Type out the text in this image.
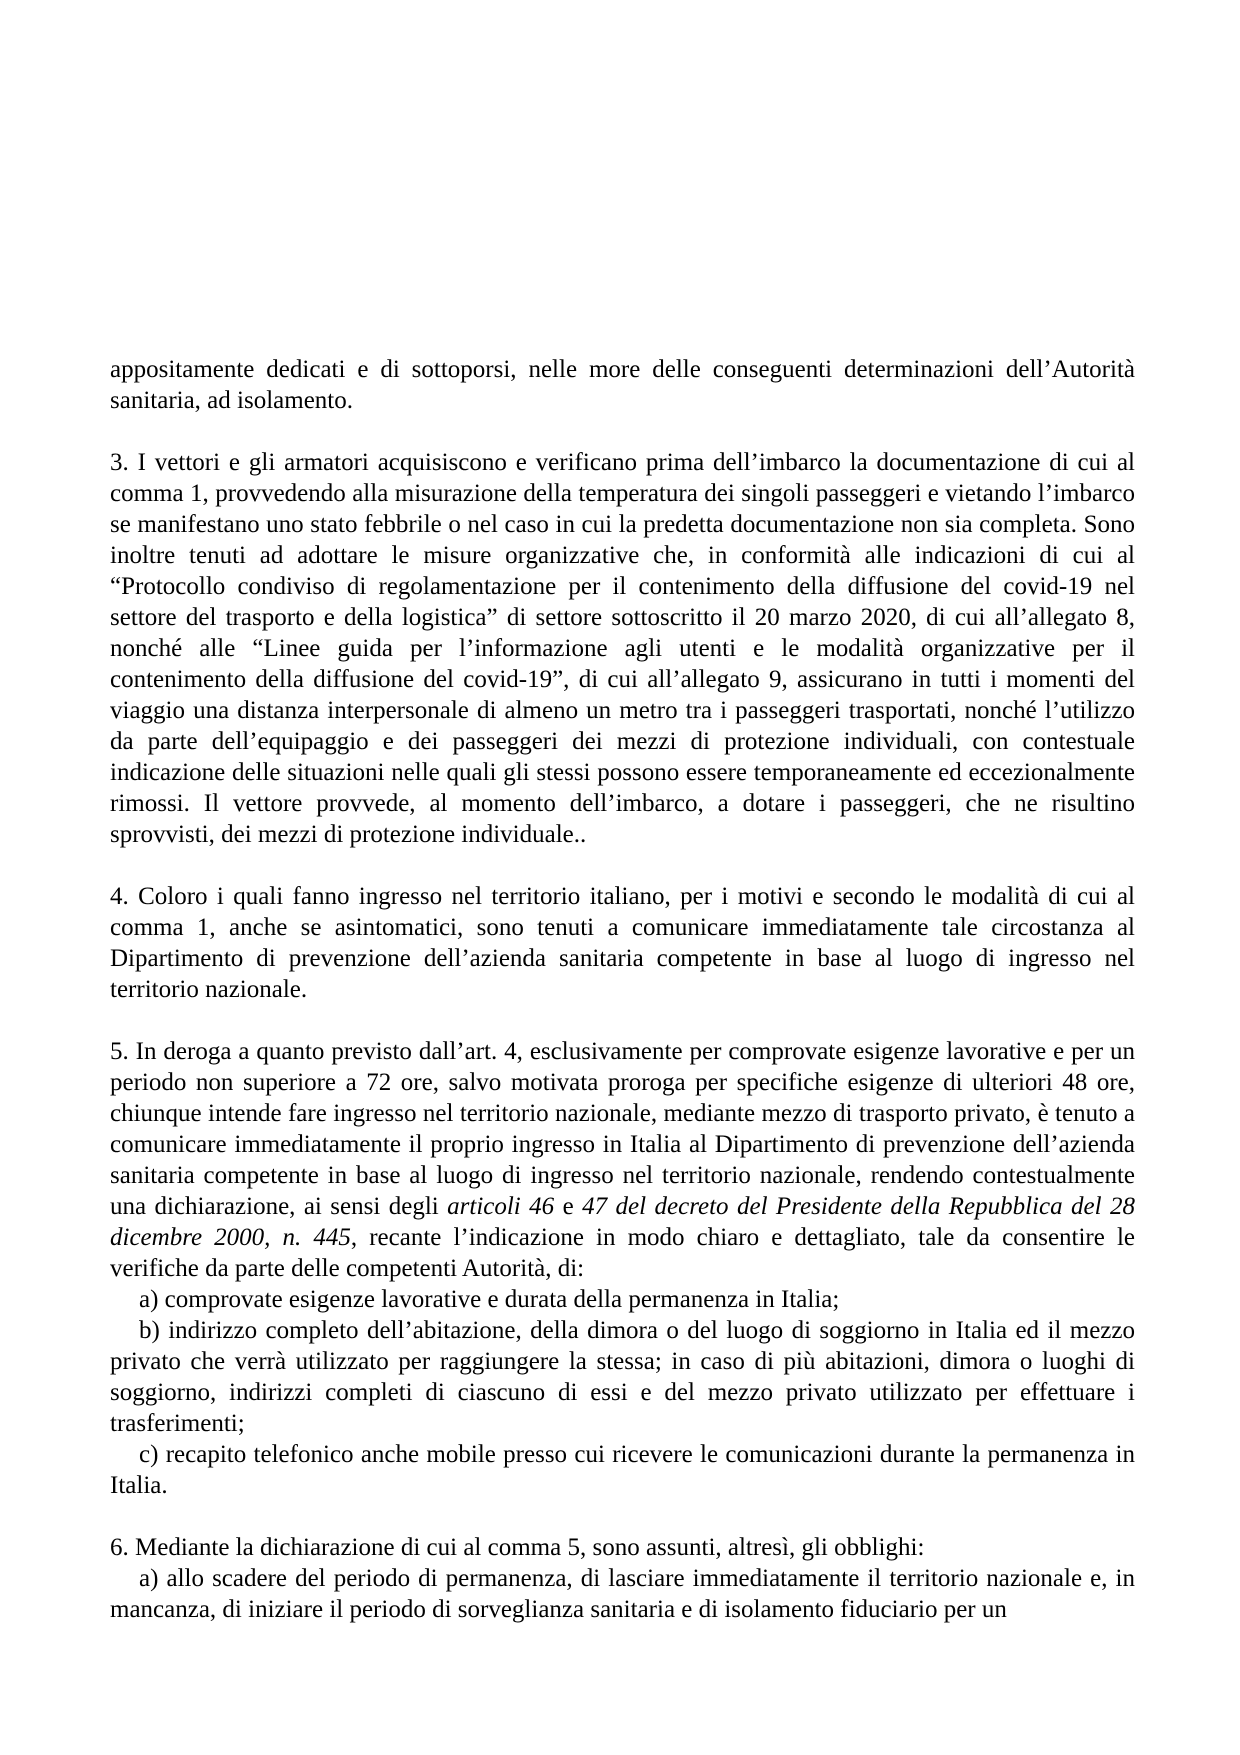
appositamente dedicati e di sottoporsi, nelle more delle conseguenti determinazioni dell’Autorità sanitaria, ad isolamento.

3. I vettori e gli armatori acquisiscono e verificano prima dell’imbarco la documentazione di cui al comma 1, provvedendo alla misurazione della temperatura dei singoli passeggeri e vietando l’imbarco se manifestano uno stato febbrile o nel caso in cui la predetta documentazione non sia completa. Sono inoltre tenuti ad adottare le misure organizzative che, in conformità alle indicazioni di cui al “Protocollo condiviso di regolamentazione per il contenimento della diffusione del covid-19 nel settore del trasporto e della logistica” di settore sottoscritto il 20 marzo 2020, di cui all’allegato 8, nonché alle “Linee guida per l’informazione agli utenti e le modalità organizzative per il contenimento della diffusione del covid-19”, di cui all’allegato 9, assicurano in tutti i momenti del viaggio una distanza interpersonale di almeno un metro tra i passeggeri trasportati, nonché l’utilizzo da parte dell’equipaggio e dei passeggeri dei mezzi di protezione individuali, con contestuale indicazione delle situazioni nelle quali gli stessi possono essere temporaneamente ed eccezionalmente rimossi. Il vettore provvede, al momento dell’imbarco, a dotare i passeggeri, che ne risultino sprovvisti, dei mezzi di protezione individuale..

4. Coloro i quali fanno ingresso nel territorio italiano, per i motivi e secondo le modalità di cui al comma 1, anche se asintomatici, sono tenuti a comunicare immediatamente tale circostanza al Dipartimento di prevenzione dell’azienda sanitaria competente in base al luogo di ingresso nel territorio nazionale.

5. In deroga a quanto previsto dall’art. 4, esclusivamente per comprovate esigenze lavorative e per un periodo non superiore a 72 ore, salvo motivata proroga per specifiche esigenze di ulteriori 48 ore, chiunque intende fare ingresso nel territorio nazionale, mediante mezzo di trasporto privato, è tenuto a comunicare immediatamente il proprio ingresso in Italia al Dipartimento di prevenzione dell’azienda sanitaria competente in base al luogo di ingresso nel territorio nazionale, rendendo contestualmente una dichiarazione, ai sensi degli articoli 46 e 47 del decreto del Presidente della Repubblica del 28 dicembre 2000, n. 445, recante l’indicazione in modo chiaro e dettagliato, tale da consentire le verifiche da parte delle competenti Autorità, di:

a) comprovate esigenze lavorative e durata della permanenza in Italia;

b) indirizzo completo dell’abitazione, della dimora o del luogo di soggiorno in Italia ed il mezzo privato che verrà utilizzato per raggiungere la stessa; in caso di più abitazioni, dimora o luoghi di soggiorno, indirizzi completi di ciascuno di essi e del mezzo privato utilizzato per effettuare i trasferimenti;

c) recapito telefonico anche mobile presso cui ricevere le comunicazioni durante la permanenza in Italia.

6. Mediante la dichiarazione di cui al comma 5, sono assunti, altresì, gli obblighi:

a) allo scadere del periodo di permanenza, di lasciare immediatamente il territorio nazionale e, in mancanza, di iniziare il periodo di sorveglianza sanitaria e di isolamento fiduciario per un
